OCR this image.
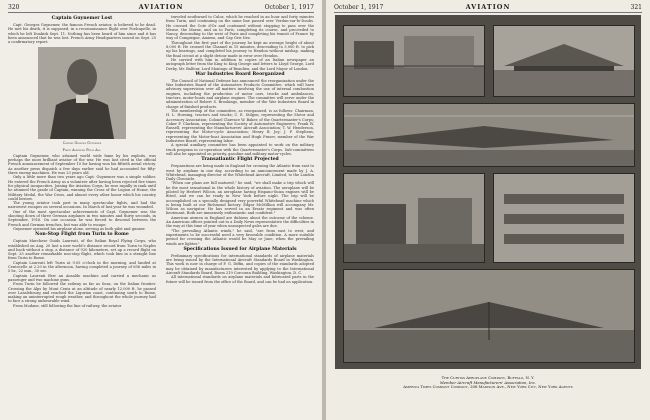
320	AVIATION	October 1, 1917
Captain Guynemer Lost
Capt. Georges Guynemer, the famous French aviator, is believed to be dead. He met his death, it is supposed, in a reconnaissance flight over Poelcapelle, in which he left Dunkirk Sept. 11. Nothing has been heard of him since and it has been announced that he was lost. French Army Headquarters issued on Sept. 25 a confirmatory report.
Captain Georges Guynemer
Photo American Press Ass.
Captain Guynemer, who attained world wide fame by his exploits, was perhaps the most brilliant aviator of the war. He was last cited in the official French announcement of September 10 for having won his fiftieth aerial victory. As another press dispatch a few days earlier said he had accounted for fifty-three enemy machines. He was 23 years old.
Only a little more than two years ago Capt. Guynemer was a simple soldier. He entered the French Army as a volunteer after having been rejected five times for physical incapacities. Joining the Aviation Corps, he rose rapidly in rank until he attained the grade of Captain, winning the Cross of the Legion of Honor, the Military Medal, the War Cross, and almost every other honor which his country could bestow.
The young aviator took part in many spectacular fights, and had the narrowest escapes on several occasions. In March of last year he was wounded.
One of the most spectacular achievements of Capt. Guynemer was the shooting down of three German airplanes in two minutes and thirty seconds, in September, 1916. On one occasion he was forced to descend between the French and German trenches, but was able to escape.
Guynemer operated his airplane alone, serving as both pilot and gunner.
Non-Stop Flight from Turin to Rome
Captain Marchese Guido Laureati, of the Italian Royal Flying Corps, who established on Aug. 20 last a new world's distance record from Turin to Naples and back without a stop, a distance of 920 kilometers, set up a record flight on Sept. 25 another remarkable non-stop flight, which took him in a straight line from Turin to Rome.
Captain Laureati left Turin at 9.05 o'clock in the morning, and landed at Centocelle at 2.20 in the afternoon, having completed a journey of 656 miles in 5 hr., 22 min., 30 sec.
Captain Laureati flew an Ansaldo machine and carried a mechanic as passenger and two machine guns.
From Turin he followed the railway as far as Susa, on the Italian frontier. Crossing the Alps by Mont Cenis at an altitude of nearly 12,000 ft. he passed over Lanslebourg and reached the Ligurian coast, continuing south to Rome, making an uninterrupted rough weather, and throughout the whole journey had to face a strong unfavorable wind.
From Modane, still following the line of railway, the aviator
traveled southward to Culoz, which he reached in an hour and forty minutes from Turin, and continuing on the same line passed over Verdun-sur-le-Doubs. He crossed the Cote d'Or and continued without stopping to pass over the Meuse, the Marne, and on to Paris, completing its course, and proceeded to Nancy, descending to the west of Paris and completing his transit of France by way of Compiegne, Amiens, and Cap Gris Nez.
Throughout the first part of the journey he kept an average height of about 8,000 ft. He crossed the Channel in 15 minutes, descending to 3,000 ft. to pick up his bearings, and completed his journey to Hendon without mishap, making the final circuit at a slight detour made in error over Hendon.
He carried with him in addition to copies of an Italian newspaper an autograph letter from the King to King George and letters to Lloyd George, Lord Derby, Mr. Balfour, Lord Montagu of Beaulieu, and the Lord Mayor of London.
War Industries Board Reorganized
The Council of National Defense has announced the reorganization under the War Industries Board of the Automotive Products Committee, which will have advisory supervision over all matters involving the use of internal combustion engines, including the production of motor cars, trucks and ambulances, tractors, motor-boats and airplane engines. The committee will serve under the administration of Robert S. Brookings, member of the War Industries Board in charge of finished products.
The membership of the committee, as reorganized, is as follows: Chairman, H. L. Horning, tractors and trucks; C. E. Stilgen, representing the Motor and Accessory Association; Colonel Clarence W. Baker, of the Quartermaster's Corps; Coker F. Clarkson, representing the Society of Automotive Engineers; Frank W. Russell, representing the Manufacturers' Aircraft Association; T. W. Henderson, representing the Motor-cycle Association; Henry B. Joy; J. F. Stephens, representing the Motor-boat Association and Hugh Fraser, member of the War Industries Board, representing labor.
A special auxiliary committee has been appointed to work on the military truck program in co-operation with the Quartermaster's Corps. Sub-committees will also be appointed on priority, gasoline and military motor-cycles.
Transatlantic Flight Projected
Preparations are being made in England for crossing the Atlantic from east to west by airplane in one day, according to an announcement made by J. A. Whitehead, managing director of the Whitehead Aircraft, Limited, to the London Daily Chronicle.
"When our plans are full matured," he said, "we shall make a trip which will be the most sensational in the whole history of aviation. The aeroplane will be piloted by Herbert Wilcox, an aeroplane having Hispano-Suiza engines will be fitted, and we can be ready in New York before night. The trip will be accomplished on a specially designed very powerful Whitehead machine which is being built at our Richmond factory. Edgar McMillion will accompany Mr. Wilcox as navigator. He has served in an Ersatz regiment and was often lieutenant. Both are immensely enthusiastic and confident."
American airmen in England are dubious about the outcome of the scheme. An American officer pointed out to a Daily News representative the difficulties in the way at this time of year when unsuspected gales are due.
"The prevailing Atlantic winds," he said, "are from east to west, and experiments to be successful need a very favorable condition. A more suitable period for crossing the Atlantic would be May or June, when the prevailing winds are lighter."
Specifications Issued for Airplane Materials
Preliminary specifications for international standards of airplane materials are being issued by the International Aircraft Standards Board in Washington. This work is now in charge of F. G. Diffin, and copies of the standards adopted may be obtained by manufacturers interested by applying to the International Aircraft Standards Board, Room 219 Corcoran Building, Washington, D. C.
All international standards on airplane materials and fabricated parts in the future will be issued from the office of the Board, and can be had on application.
October 1, 1917	AVIATION	321
The Curtiss Aeroplane Company, Buffalo, N. Y.
Member Aircraft Manufacturers' Association, Inc.
America Times Company Company, 206 Madison Ave., New York City, New York Agents
